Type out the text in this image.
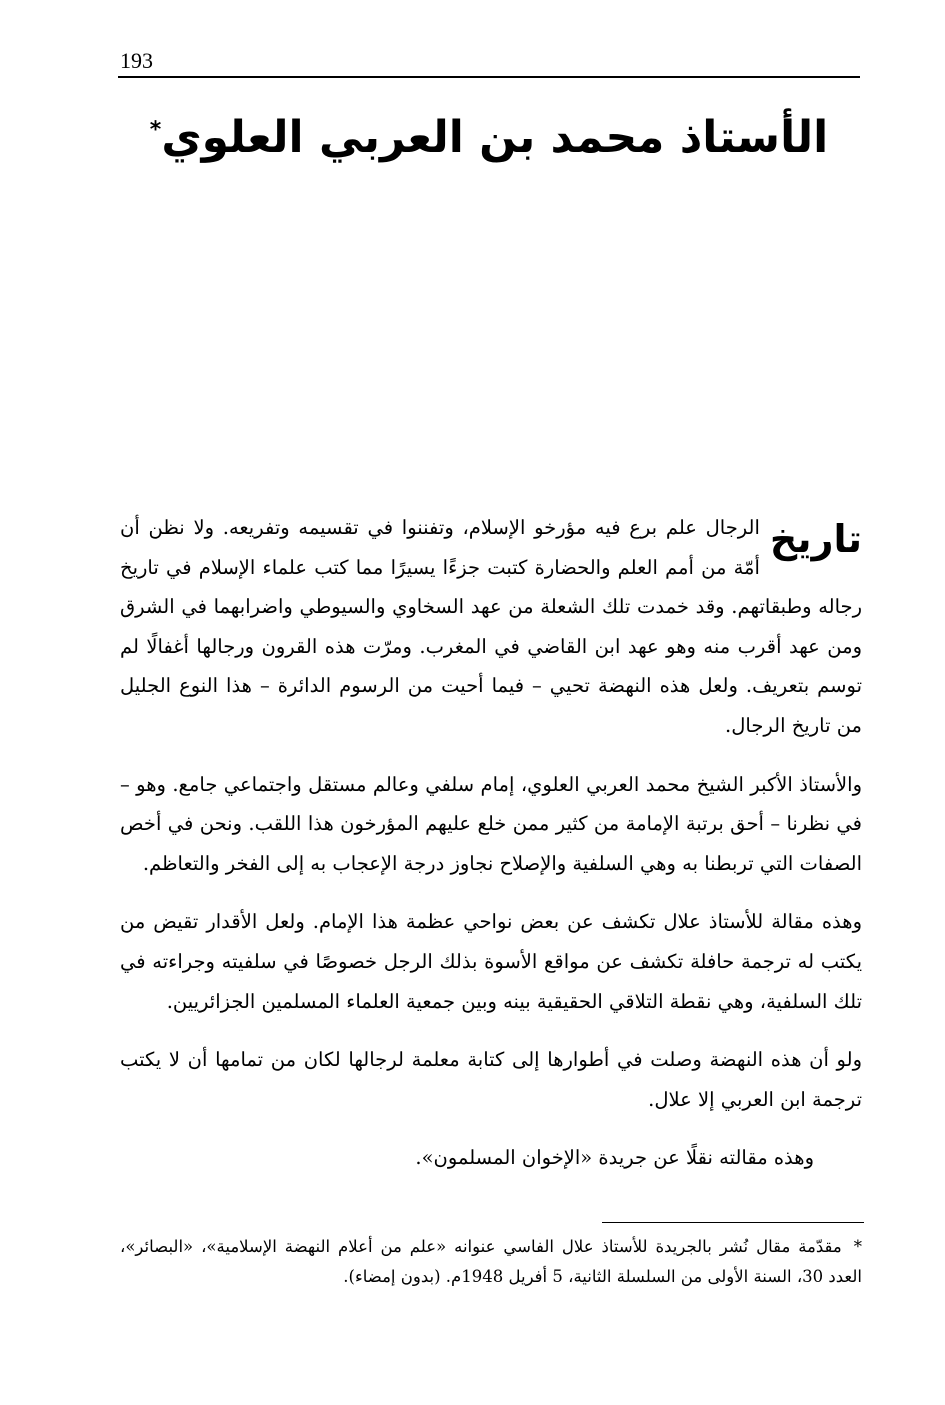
193
الأستاذ محمد بن العربي العلوي*

تاريخ
الرجال علم برع فيه مؤرخو الإسلام، وتفننوا في تقسيمه وتفريعه. ولا نظن أن أمّة من أمم العلم والحضارة كتبت جزءًا يسيرًا مما كتب علماء الإسلام في تاريخ رجاله وطبقاتهم. وقد خمدت تلك الشعلة من عهد السخاوي والسيوطي واضرابهما في الشرق ومن عهد أقرب منه وهو عهد ابن القاضي في المغرب. ومرّت هذه القرون ورجالها أغفالًا لم توسم بتعريف. ولعل هذه النهضة تحيي – فيما أحيت من الرسوم الدائرة – هذا النوع الجليل من تاريخ الرجال.

والأستاذ الأكبر الشيخ محمد العربي العلوي، إمام سلفي وعالم مستقل واجتماعي جامع. وهو – في نظرنا – أحق برتبة الإمامة من كثير ممن خلع عليهم المؤرخون هذا اللقب. ونحن في أخص الصفات التي تربطنا به وهي السلفية والإصلاح نجاوز درجة الإعجاب به إلى الفخر والتعاظم.

وهذه مقالة للأستاذ علال تكشف عن بعض نواحي عظمة هذا الإمام. ولعل الأقدار تقيض من يكتب له ترجمة حافلة تكشف عن مواقع الأسوة بذلك الرجل خصوصًا في سلفيته وجراءته في تلك السلفية، وهي نقطة التلاقي الحقيقية بينه وبين جمعية العلماء المسلمين الجزائريين.

ولو أن هذه النهضة وصلت في أطوارها إلى كتابة معلمة لرجالها لكان من تمامها أن لا يكتب ترجمة ابن العربي إلا علال.

وهذه مقالته نقلًا عن جريدة «الإخوان المسلمون».

*مقدّمة مقال نُشر بالجريدة للأستاذ علال الفاسي عنوانه «علم من أعلام النهضة الإسلامية»، «البصائر»، العدد 30، السنة الأولى من السلسلة الثانية، 5 أفريل 1948م. (بدون إمضاء).
